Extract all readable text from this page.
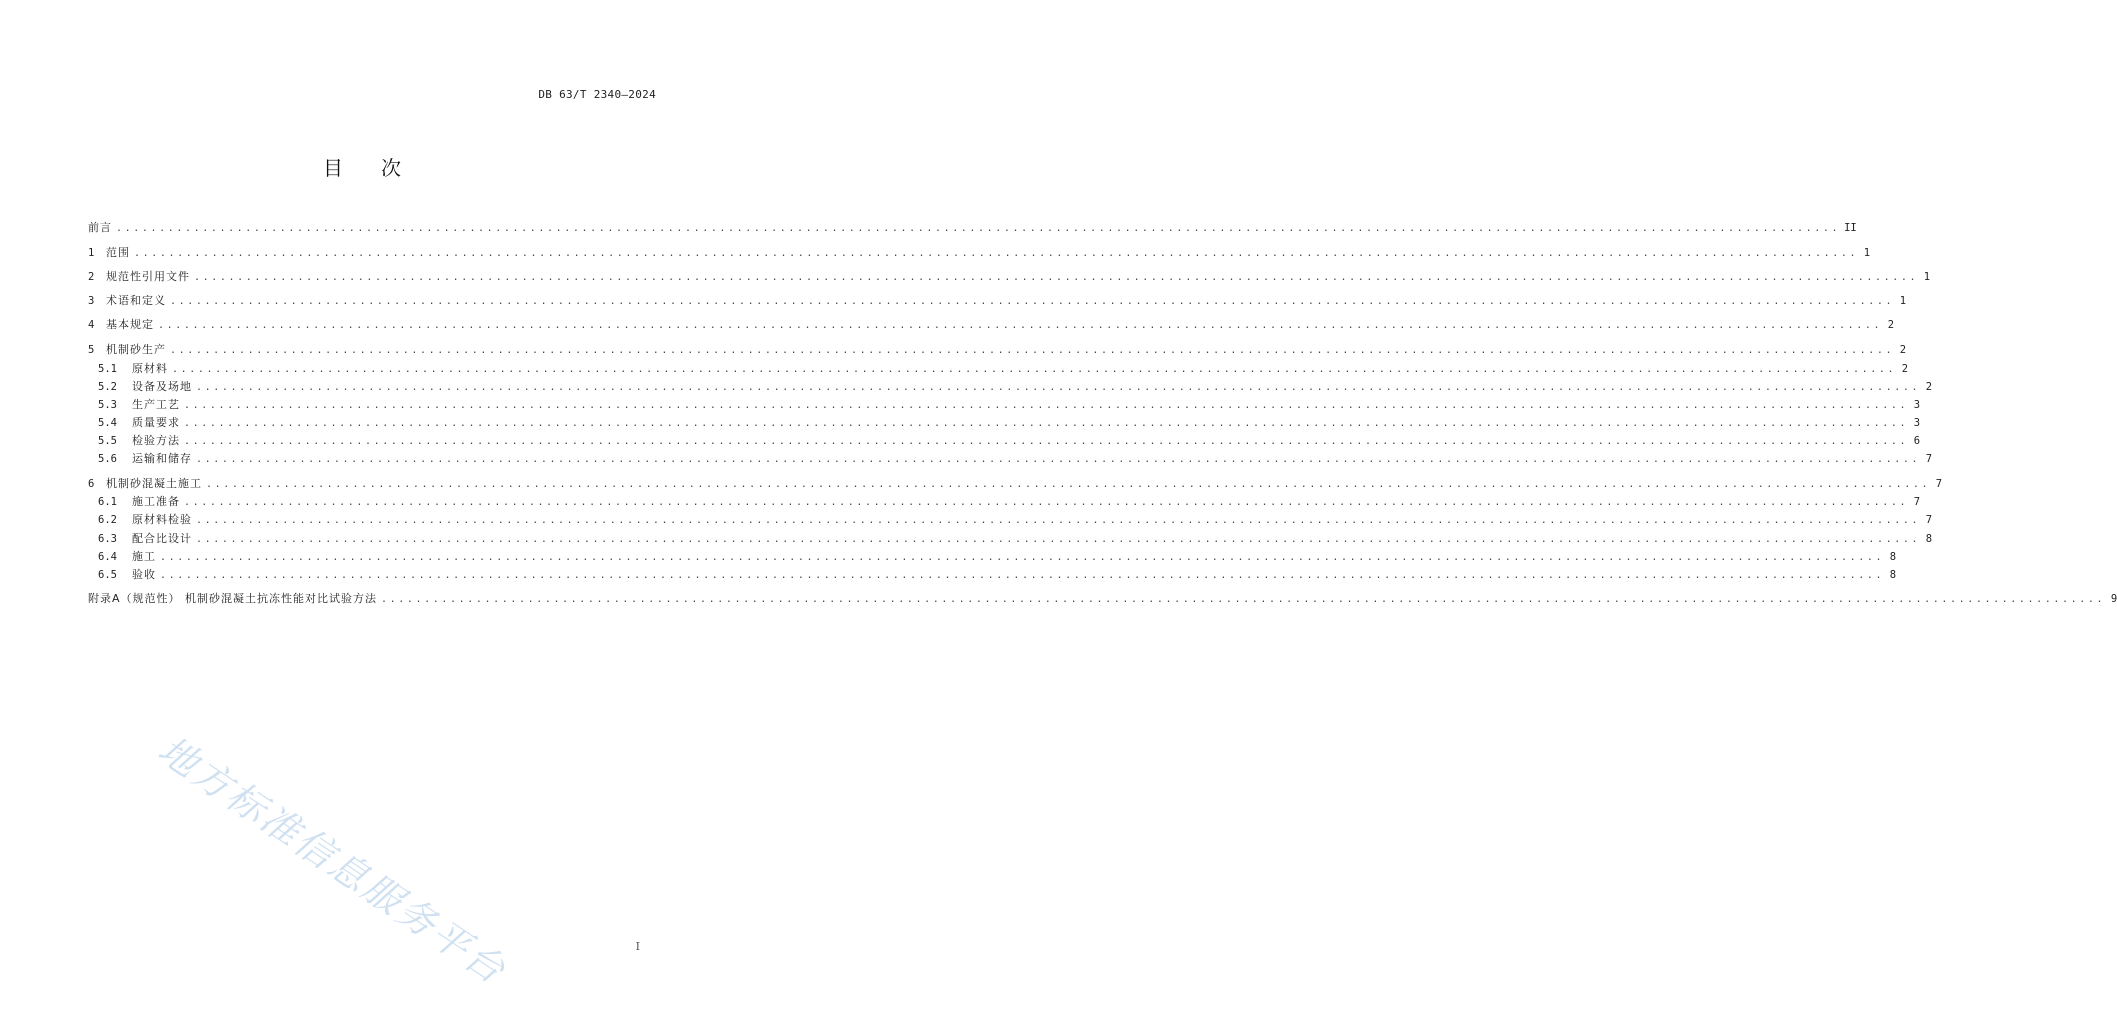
DB 63/T 2340—2024
目 次
前言 ........................................................................................................................................................................................................ II
1	范围 ........................................................................................................................................................................................................ 1
2	规范性引用文件 ........................................................................................................................................................................................................ 1
3	术语和定义 ........................................................................................................................................................................................................ 1
4	基本规定 ........................................................................................................................................................................................................ 2
5	机制砂生产 ........................................................................................................................................................................................................ 2
5.1	原材料 ........................................................................................................................................................................................................ 2
5.2	设备及场地 ........................................................................................................................................................................................................ 2
5.3	生产工艺 ........................................................................................................................................................................................................ 3
5.4	质量要求 ........................................................................................................................................................................................................ 3
5.5	检验方法 ........................................................................................................................................................................................................ 6
5.6	运输和储存 ........................................................................................................................................................................................................ 7
6	机制砂混凝土施工 ........................................................................................................................................................................................................ 7
6.1	施工准备 ........................................................................................................................................................................................................ 7
6.2	原材料检验 ........................................................................................................................................................................................................ 7
6.3	配合比设计 ........................................................................................................................................................................................................ 8
6.4	施工 ........................................................................................................................................................................................................ 8
6.5	验收 ........................................................................................................................................................................................................ 8
附录A（规范性） 机制砂混凝土抗冻性能对比试验方法 ........................................................................................................................................................................................................ 9
地方标准信息服务平台	I
